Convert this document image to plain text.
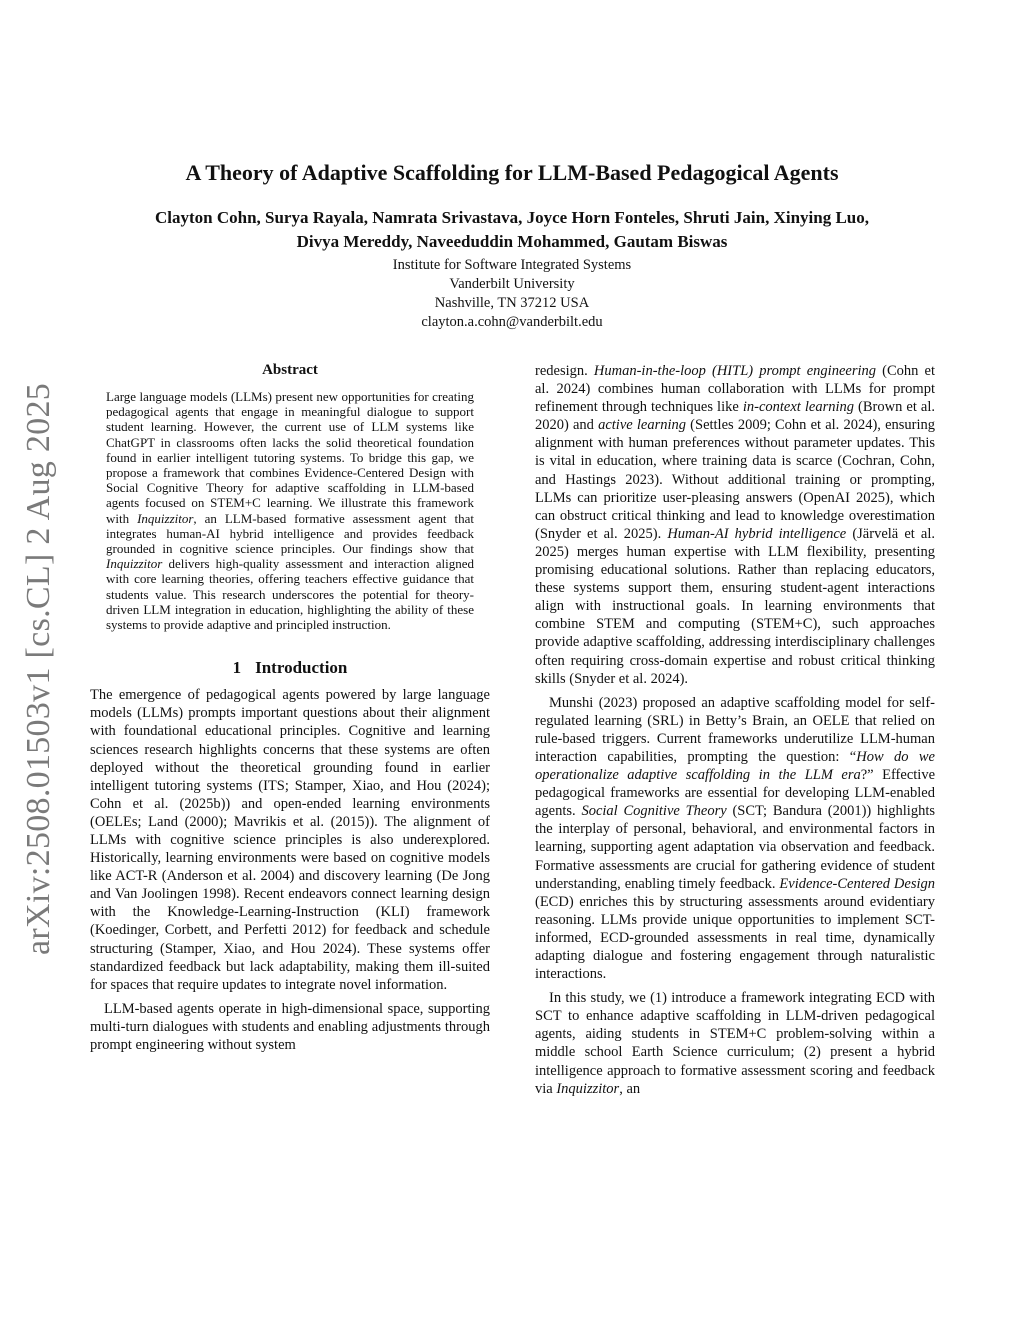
arXiv:2508.01503v1 [cs.CL] 2 Aug 2025
A Theory of Adaptive Scaffolding for LLM-Based Pedagogical Agents
Clayton Cohn, Surya Rayala, Namrata Srivastava, Joyce Horn Fonteles, Shruti Jain, Xinying Luo,
Divya Mereddy, Naveeduddin Mohammed, Gautam Biswas
Institute for Software Integrated Systems
Vanderbilt University
Nashville, TN 37212 USA
clayton.a.cohn@vanderbilt.edu
Abstract
Large language models (LLMs) present new opportunities for creating pedagogical agents that engage in meaningful dialogue to support student learning. However, the current use of LLM systems like ChatGPT in classrooms often lacks the solid theoretical foundation found in earlier intelligent tutoring systems. To bridge this gap, we propose a framework that combines Evidence-Centered Design with Social Cognitive Theory for adaptive scaffolding in LLM-based agents focused on STEM+C learning. We illustrate this framework with Inquizzitor, an LLM-based formative assessment agent that integrates human-AI hybrid intelligence and provides feedback grounded in cognitive science principles. Our findings show that Inquizzitor delivers high-quality assessment and interaction aligned with core learning theories, offering teachers effective guidance that students value. This research underscores the potential for theory-driven LLM integration in education, highlighting the ability of these systems to provide adaptive and principled instruction.
1 Introduction

The emergence of pedagogical agents powered by large language models (LLMs) prompts important questions about their alignment with foundational educational principles. Cognitive and learning sciences research highlights concerns that these systems are often deployed without the theoretical grounding found in earlier intelligent tutoring systems (ITS; Stamper, Xiao, and Hou (2024); Cohn et al. (2025b)) and open-ended learning environments (OELEs; Land (2000); Mavrikis et al. (2015)). The alignment of LLMs with cognitive science principles is also underexplored. Historically, learning environments were based on cognitive models like ACT-R (Anderson et al. 2004) and discovery learning (De Jong and Van Joolingen 1998). Recent endeavors connect learning design with the Knowledge-Learning-Instruction (KLI) framework (Koedinger, Corbett, and Perfetti 2012) for feedback and schedule structuring (Stamper, Xiao, and Hou 2024). These systems offer standardized feedback but lack adaptability, making them ill-suited for spaces that require updates to integrate novel information.

LLM-based agents operate in high-dimensional space, supporting multi-turn dialogues with students and enabling adjustments through prompt engineering without system

redesign. Human-in-the-loop (HITL) prompt engineering (Cohn et al. 2024) combines human collaboration with LLMs for prompt refinement through techniques like in-context learning (Brown et al. 2020) and active learning (Settles 2009; Cohn et al. 2024), ensuring alignment with human preferences without parameter updates. This is vital in education, where training data is scarce (Cochran, Cohn, and Hastings 2023). Without additional training or prompting, LLMs can prioritize user-pleasing answers (OpenAI 2025), which can obstruct critical thinking and lead to knowledge overestimation (Snyder et al. 2025). Human-AI hybrid intelligence (Järvelä et al. 2025) merges human expertise with LLM flexibility, presenting promising educational solutions. Rather than replacing educators, these systems support them, ensuring student-agent interactions align with instructional goals. In learning environments that combine STEM and computing (STEM+C), such approaches provide adaptive scaffolding, addressing interdisciplinary challenges often requiring cross-domain expertise and robust critical thinking skills (Snyder et al. 2024).

Munshi (2023) proposed an adaptive scaffolding model for self-regulated learning (SRL) in Betty’s Brain, an OELE that relied on rule-based triggers. Current frameworks underutilize LLM-human interaction capabilities, prompting the question: “How do we operationalize adaptive scaffolding in the LLM era?” Effective pedagogical frameworks are essential for developing LLM-enabled agents. Social Cognitive Theory (SCT; Bandura (2001)) highlights the interplay of personal, behavioral, and environmental factors in learning, supporting agent adaptation via observation and feedback. Formative assessments are crucial for gathering evidence of student understanding, enabling timely feedback. Evidence-Centered Design (ECD) enriches this by structuring assessments around evidentiary reasoning. LLMs provide unique opportunities to implement SCT-informed, ECD-grounded assessments in real time, dynamically adapting dialogue and fostering engagement through naturalistic interactions.

In this study, we (1) introduce a framework integrating ECD with SCT to enhance adaptive scaffolding in LLM-driven pedagogical agents, aiding students in STEM+C problem-solving within a middle school Earth Science curriculum; (2) present a hybrid intelligence approach to formative assessment scoring and feedback via Inquizzitor, an
